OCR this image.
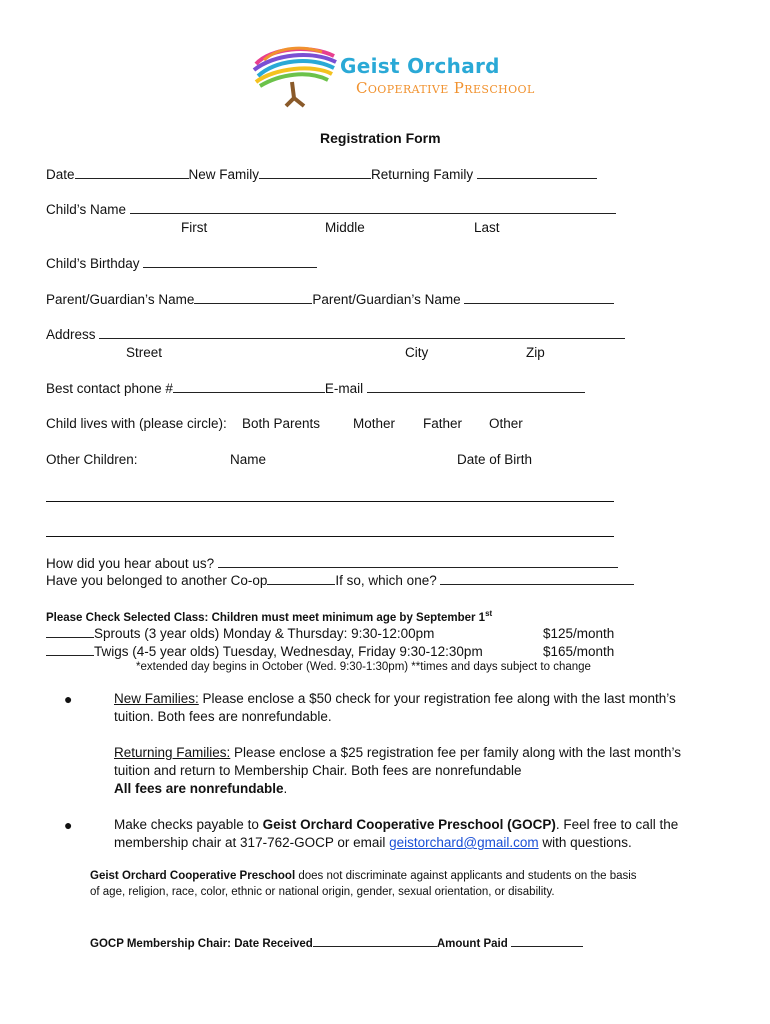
Geist Orchard
Cooperative Preschool
Registration Form
Date	New Family	Returning Family
Child’s Name
First	Middle	Last
Child’s Birthday
Parent/Guardian’s Name	Parent/Guardian’s Name
Address
Street	City	Zip
Best contact phone #	E-mail
Child lives with (please circle): Both Parents Mother Father Other
Other Children:	Name	Date of Birth
How did you hear about us?
Have you belonged to another Co-op	If so, which one?
Please Check Selected Class: Children must meet minimum age by September 1st
Sprouts (3 year olds) Monday & Thursday: 9:30-12:00pm	$125/month
Twigs (4-5 year olds) Tuesday, Wednesday, Friday 9:30-12:30pm	$165/month
*extended day begins in October (Wed. 9:30-1:30pm) **times and days subject to change
●	New Families: Please enclose a $50 check for your registration fee along with the last month’s
tuition. Both fees are nonrefundable.
Returning Families: Please enclose a $25 registration fee per family along with the last month’s
tuition and return to Membership Chair. Both fees are nonrefundable
All fees are nonrefundable.
●	Make checks payable to Geist Orchard Cooperative Preschool (GOCP). Feel free to call the
membership chair at 317-762-GOCP or email geistorchard@gmail.com with questions.
Geist Orchard Cooperative Preschool does not discriminate against applicants and students on the basis
of age, religion, race, color, ethnic or national origin, gender, sexual orientation, or disability.
GOCP Membership Chair: Date Received	Amount Paid
